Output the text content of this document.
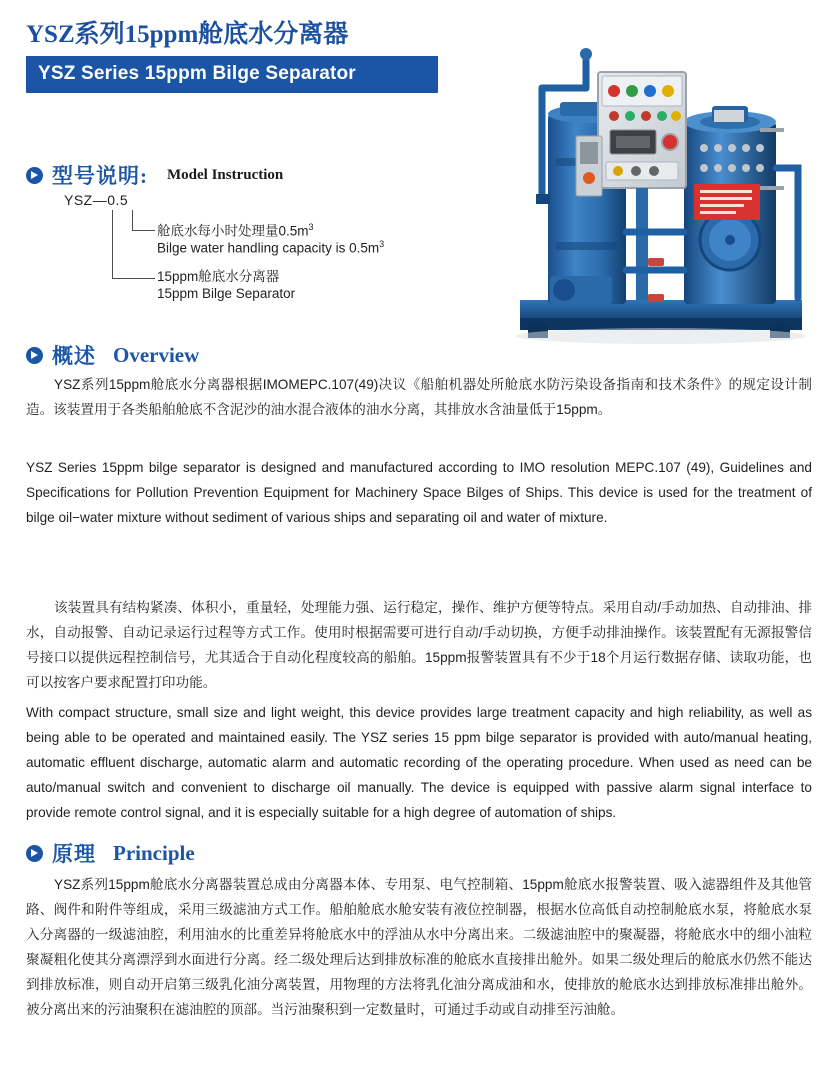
YSZ系列15ppm舱底水分离器
YSZ Series 15ppm Bilge Separator
型号说明: Model Instruction
YSZ—0.5
舱底水每小时处理量$0.5m^3$
Bilge water handling capacity is $0.5m^3$
15ppm舱底水分离器
15ppm Bilge Separator
概述 Overview
YSZ系列15ppm舱底水分离器根据IMOMEPC.107(49)决议《船舶机器处所舱底水防污染设备指南和技术条件》的规定设计制造。该装置用于各类船舶舱底不含泥沙的油水混合液体的油水分离，其排放水含油量低于15ppm。
YSZ Series 15ppm bilge separator is designed and manufactured according to IMO resolution MEPC.107 (49), Guidelines and Specifications for Pollution Prevention Equipment for Machinery Space Bilges of Ships. This device is used for the treatment of bilge oil−water mixture without sediment of various ships and separating oil and water of mixture.
该装置具有结构紧凑、体积小，重量轻，处理能力强、运行稳定，操作、维护方便等特点。采用自动/手动加热、自动排油、排水，自动报警、自动记录运行过程等方式工作。使用时根据需要可进行自动/手动切换，方便手动排油操作。该装置配有无源报警信号接口以提供远程控制信号，尤其适合于自动化程度较高的船舶。15ppm报警装置具有不少于18个月运行数据存储、读取功能，也可以按客户要求配置打印功能。
With compact structure, small size and light weight, this device provides large treatment capacity and high reliability, as well as being able to be operated and maintained easily. The YSZ series 15 ppm bilge separator is provided with auto/manual heating, automatic effluent discharge, automatic alarm and automatic recording of the operating procedure. When used as need can be auto/manual switch and convenient to discharge oil manually. The device is equipped with passive alarm signal interface to provide remote control signal, and it is especially suitable for a high degree of automation of ships.
原理 Principle
YSZ系列15ppm舱底水分离器装置总成由分离器本体、专用泵、电气控制箱、15ppm舱底水报警装置、吸入滤器组件及其他管路、阀件和附件等组成，采用三级滤油方式工作。船舶舱底水舱安装有液位控制器，根据水位高低自动控制舱底水泵，将舱底水泵入分离器的一级滤油腔，利用油水的比重差异将舱底水中的浮油从水中分离出来。二级滤油腔中的聚凝器，将舱底水中的细小油粒聚凝粗化使其分离漂浮到水面进行分离。经二级处理后达到排放标准的舱底水直接排出舱外。如果二级处理后的舱底水仍然不能达到排放标准，则自动开启第三级乳化油分离装置，用物理的方法将乳化油分离成油和水，使排放的舱底水达到排放标准排出舱外。被分离出来的污油聚积在滤油腔的顶部。当污油聚积到一定数量时，可通过手动或自动排至污油舱。
